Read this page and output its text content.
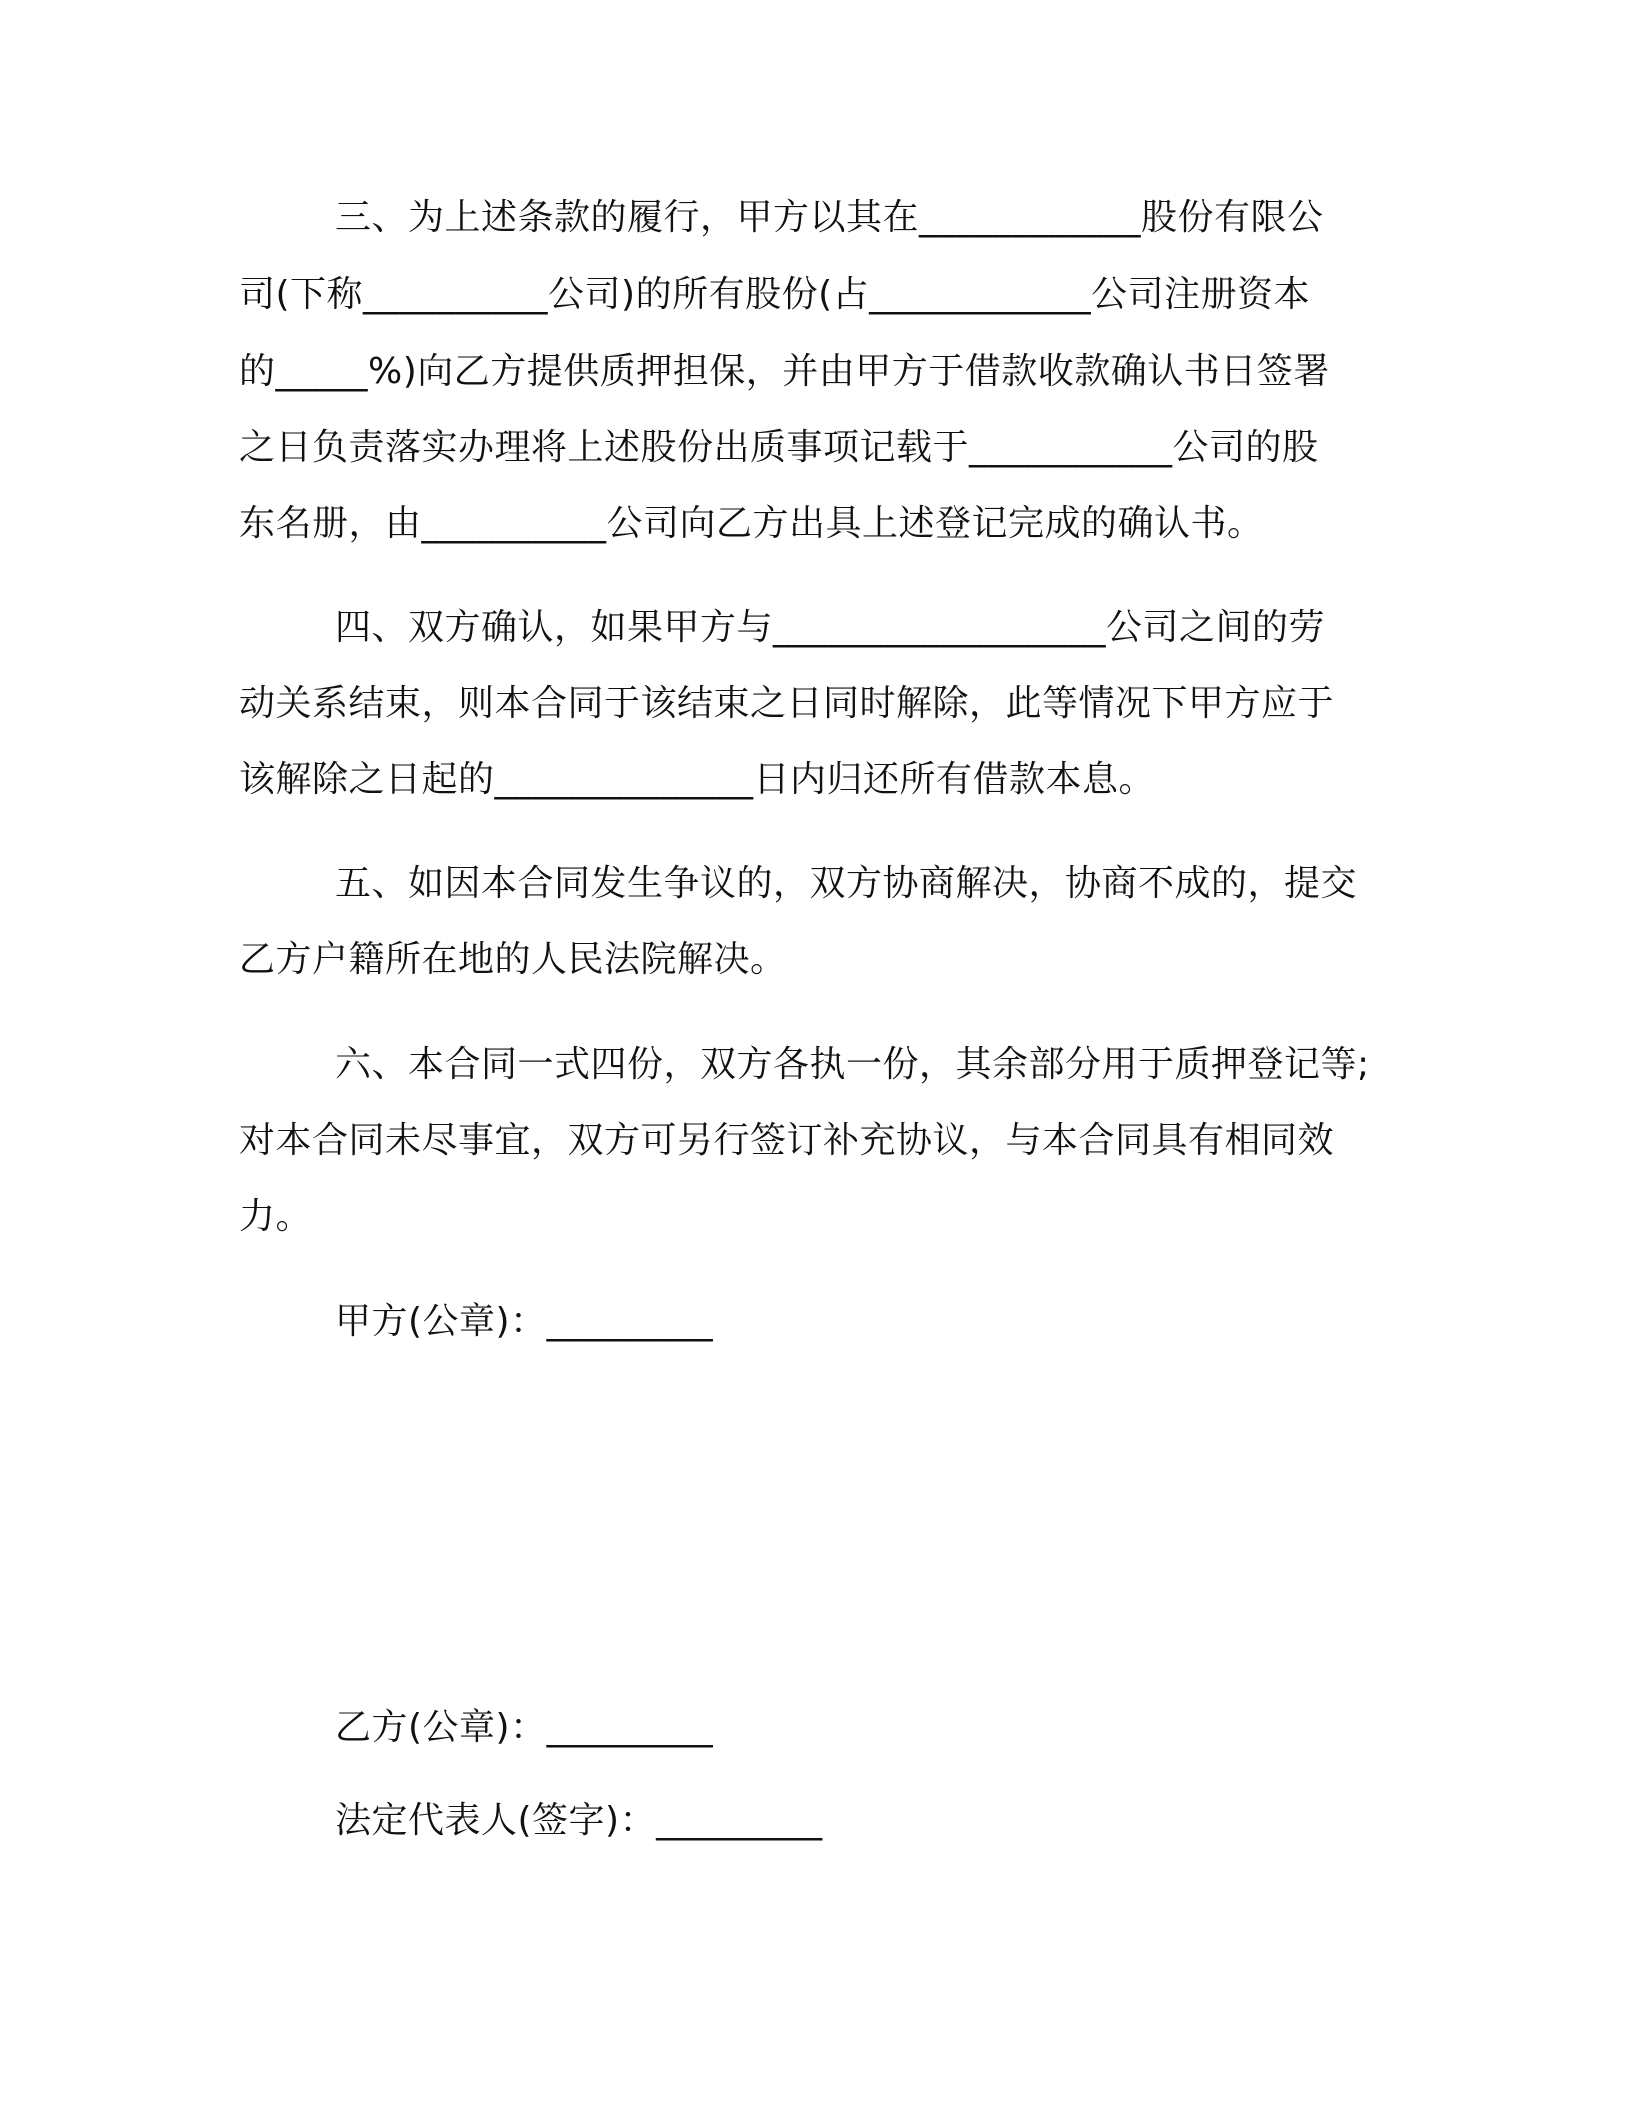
三、为上述条款的履行，甲方以其在____________股份有限公

司(下称__________公司)的所有股份(占____________公司注册资本

的_____%)向乙方提供质押担保，并由甲方于借款收款确认书日签署

之日负责落实办理将上述股份出质事项记载于___________公司的股

东名册，由__________公司向乙方出具上述登记完成的确认书。

四、双方确认，如果甲方与__________________公司之间的劳

动关系结束，则本合同于该结束之日同时解除，此等情况下甲方应于

该解除之日起的______________日内归还所有借款本息。

五、如因本合同发生争议的，双方协商解决，协商不成的，提交

乙方户籍所在地的人民法院解决。

六、本合同一式四份，双方各执一份，其余部分用于质押登记等;

对本合同未尽事宜，双方可另行签订补充协议，与本合同具有相同效

力。

甲方(公章)：_________

乙方(公章)：_________

法定代表人(签字)：_________
